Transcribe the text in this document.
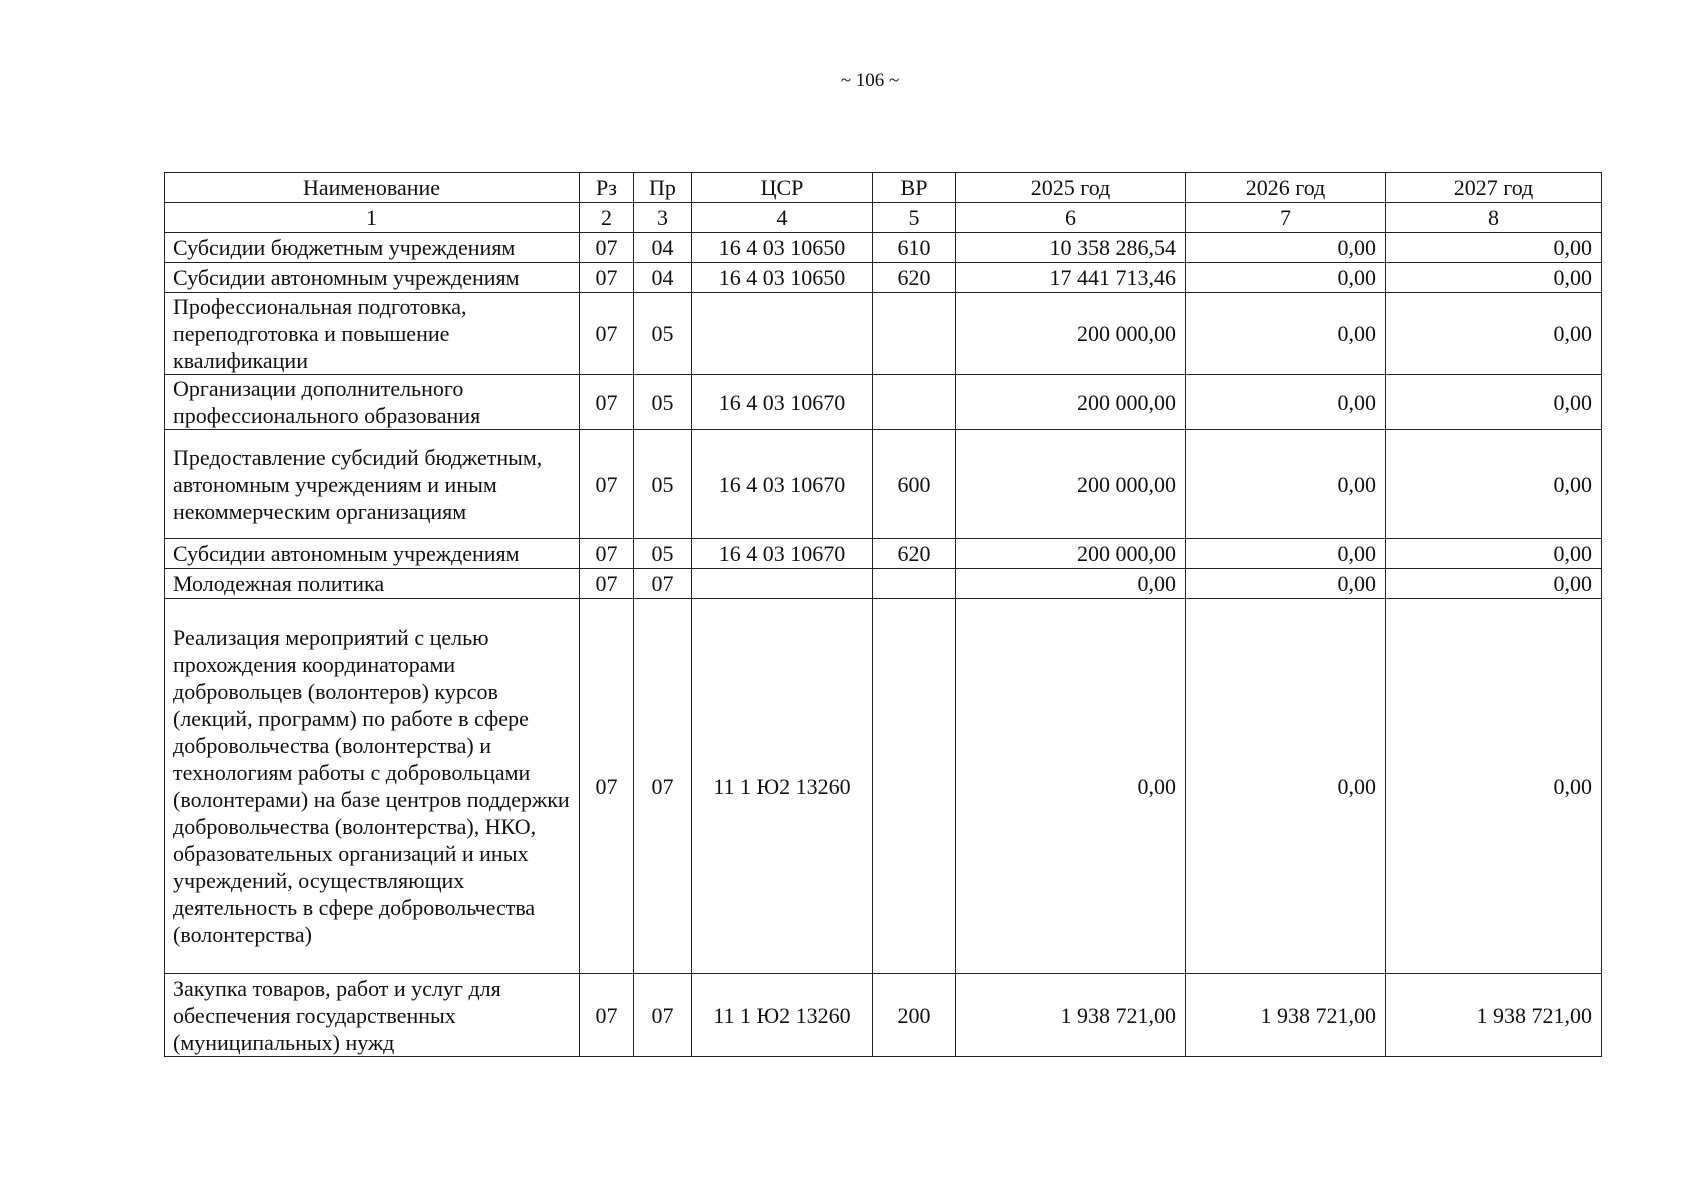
~ 106 ~
Наименование	Рз	Пр	ЦСР	ВР	2025 год	2026 год	2027 год
1	2	3	4	5	6	7	8
Субсидии бюджетным учреждениям	07	04	16 4 03 10650	610	10 358 286,54	0,00	0,00
Субсидии автономным учреждениям	07	04	16 4 03 10650	620	17 441 713,46	0,00	0,00
Профессиональная подготовка, переподготовка и повышение квалификации	07	05			200 000,00	0,00	0,00
Организации дополнительного профессионального образования	07	05	16 4 03 10670		200 000,00	0,00	0,00
Предоставление субсидий бюджетным, автономным учреждениям и иным некоммерческим организациям	07	05	16 4 03 10670	600	200 000,00	0,00	0,00
Субсидии автономным учреждениям	07	05	16 4 03 10670	620	200 000,00	0,00	0,00
Молодежная политика	07	07			0,00	0,00	0,00
Реализация мероприятий с целью прохождения координаторами добровольцев (волонтеров) курсов (лекций, программ) по работе в сфере добровольчества (волонтерства) и технологиям работы с добровольцами (волонтерами) на базе центров поддержки добровольчества (волонтерства), НКО, образовательных организаций и иных учреждений, осуществляющих деятельность в сфере добровольчества (волонтерства)	07	07	11 1 Ю2 13260		0,00	0,00	0,00
Закупка товаров, работ и услуг для обеспечения государственных (муниципальных) нужд	07	07	11 1 Ю2 13260	200	1 938 721,00	1 938 721,00	1 938 721,00
